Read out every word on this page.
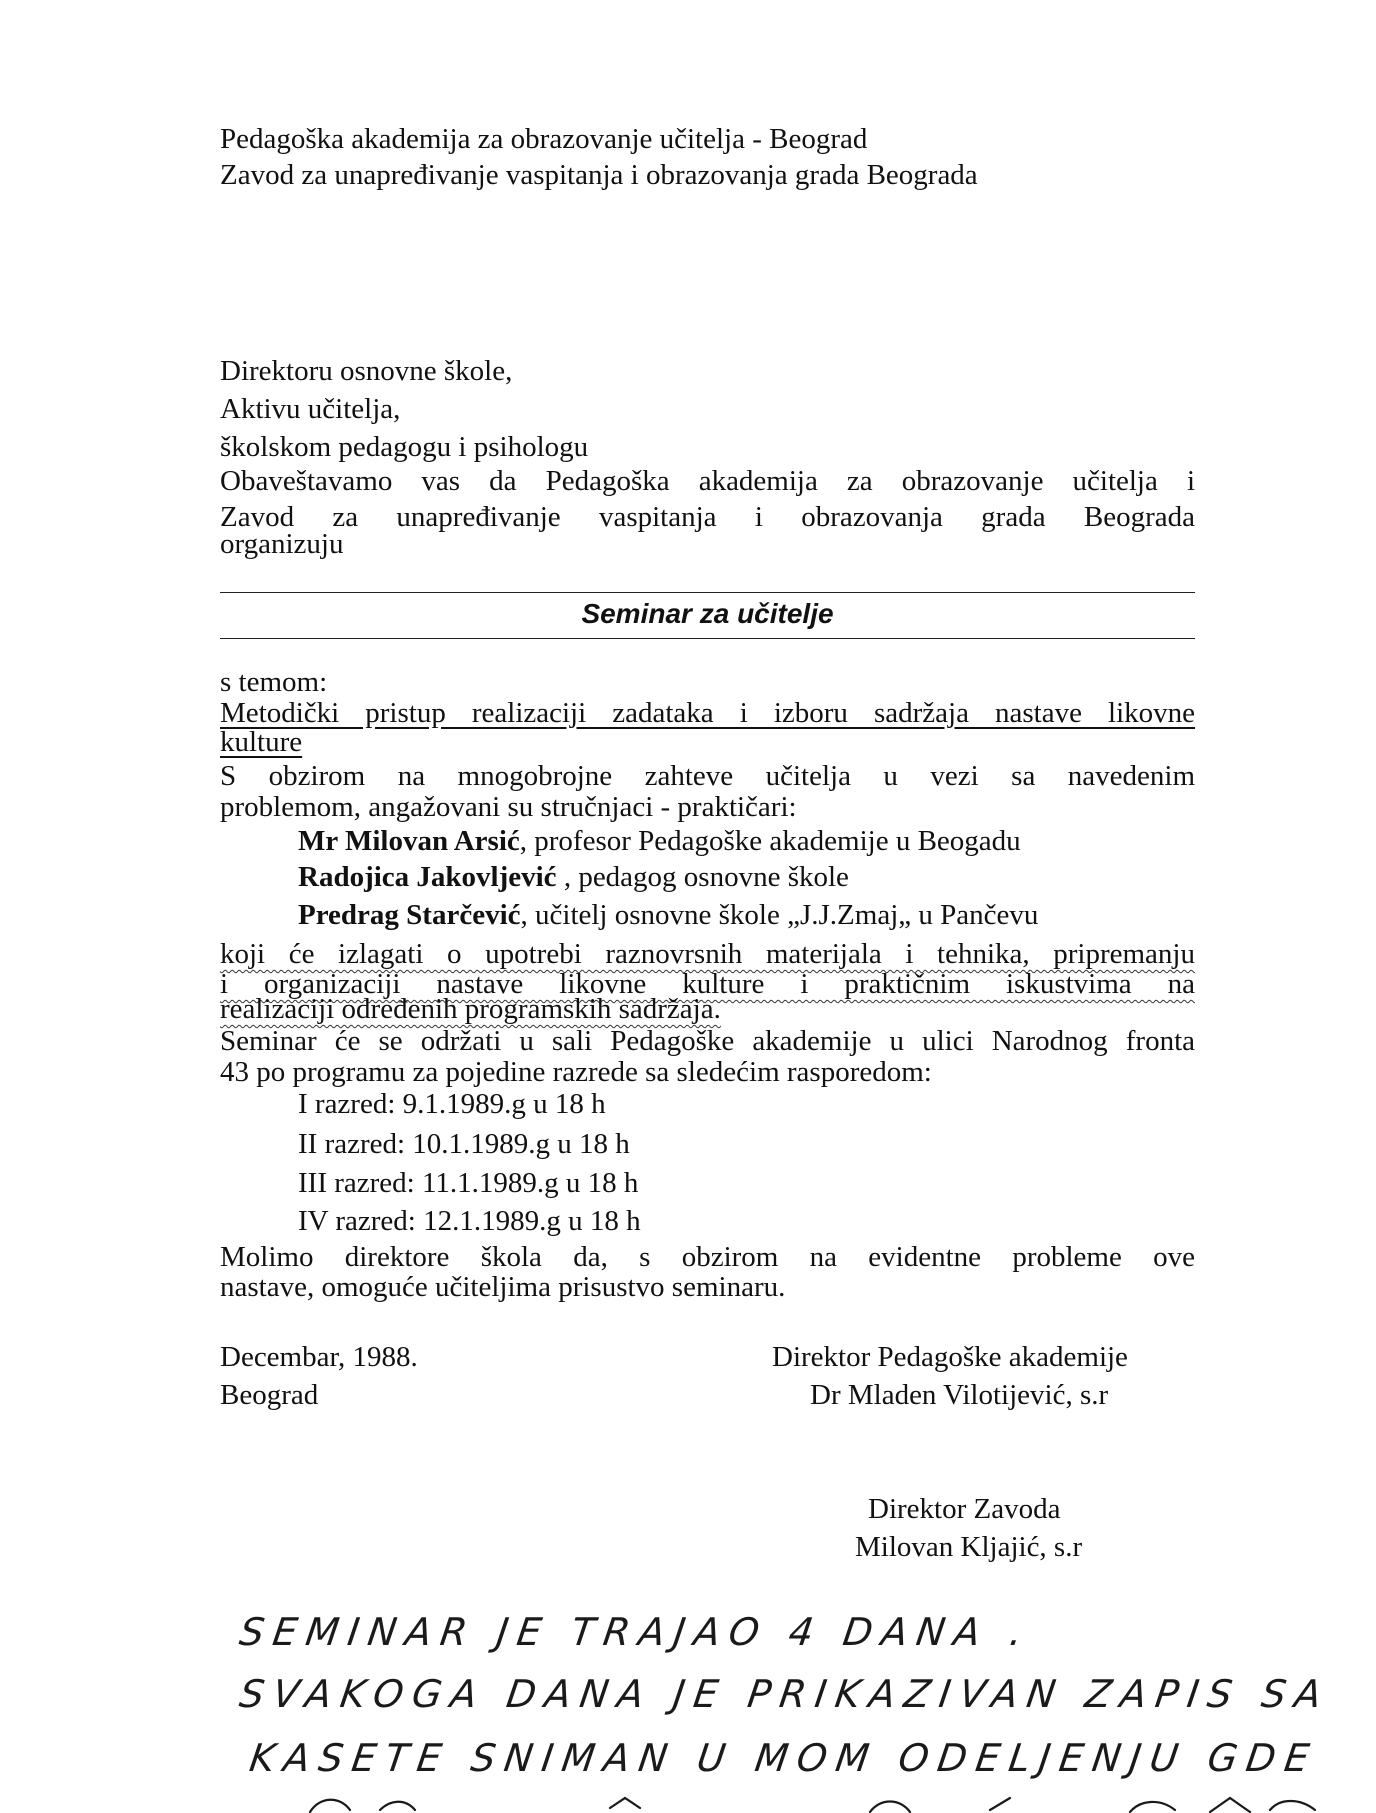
Pedagoška akademija za obrazovanje učitelja - Beograd
Zavod za unapređivanje vaspitanja i obrazovanja grada Beograda
Direktoru osnovne škole,
Aktivu učitelja,
školskom pedagogu i psihologu
Obaveštavamo vas da Pedagoška akademija za obrazovanje učitelja i
Zavod za unapređivanje vaspitanja i obrazovanja grada Beograda
organizuju
Seminar za učitelje
s temom:
Metodički pristup realizaciji zadataka i izboru sadržaja nastave likovne
kulture
S obzirom na mnogobrojne zahteve učitelja u vezi sa navedenim
problemom, angažovani su stručnjaci - praktičari:
Mr Milovan Arsić, profesor Pedagoške akademije u Beogadu
Radojica Jakovljević , pedagog osnovne škole
Predrag Starčević, učitelj osnovne škole „J.J.Zmaj„ u Pančevu
koji će izlagati o upotrebi raznovrsnih materijala i tehnika, pripremanju
i organizaciji nastave likovne kulture i praktičnim iskustvima na
realizaciji određenih programskih sadržaja.
Seminar će se održati u sali Pedagoške akademije u ulici Narodnog fronta
43 po programu za pojedine razrede sa sledećim rasporedom:
I razred: 9.1.1989.g u 18 h
II razred: 10.1.1989.g u 18 h
III razred: 11.1.1989.g u 18 h
IV razred: 12.1.1989.g u 18 h
Molimo direktore škola da, s obzirom na evidentne probleme ove
nastave, omoguće učiteljima prisustvo seminaru.
Decembar, 1988.
Beograd
Direktor Pedagoške akademije
Dr Mladen Vilotijević, s.r
Direktor Zavoda
Milovan Kljajić, s.r
SEMINAR JE TRAJAO 4 DANA .
SVAKOGA DANA JE PRIKAZIVAN ZAPIS SA
KASETE SNIMAN U MOM ODELJENJU GDE
